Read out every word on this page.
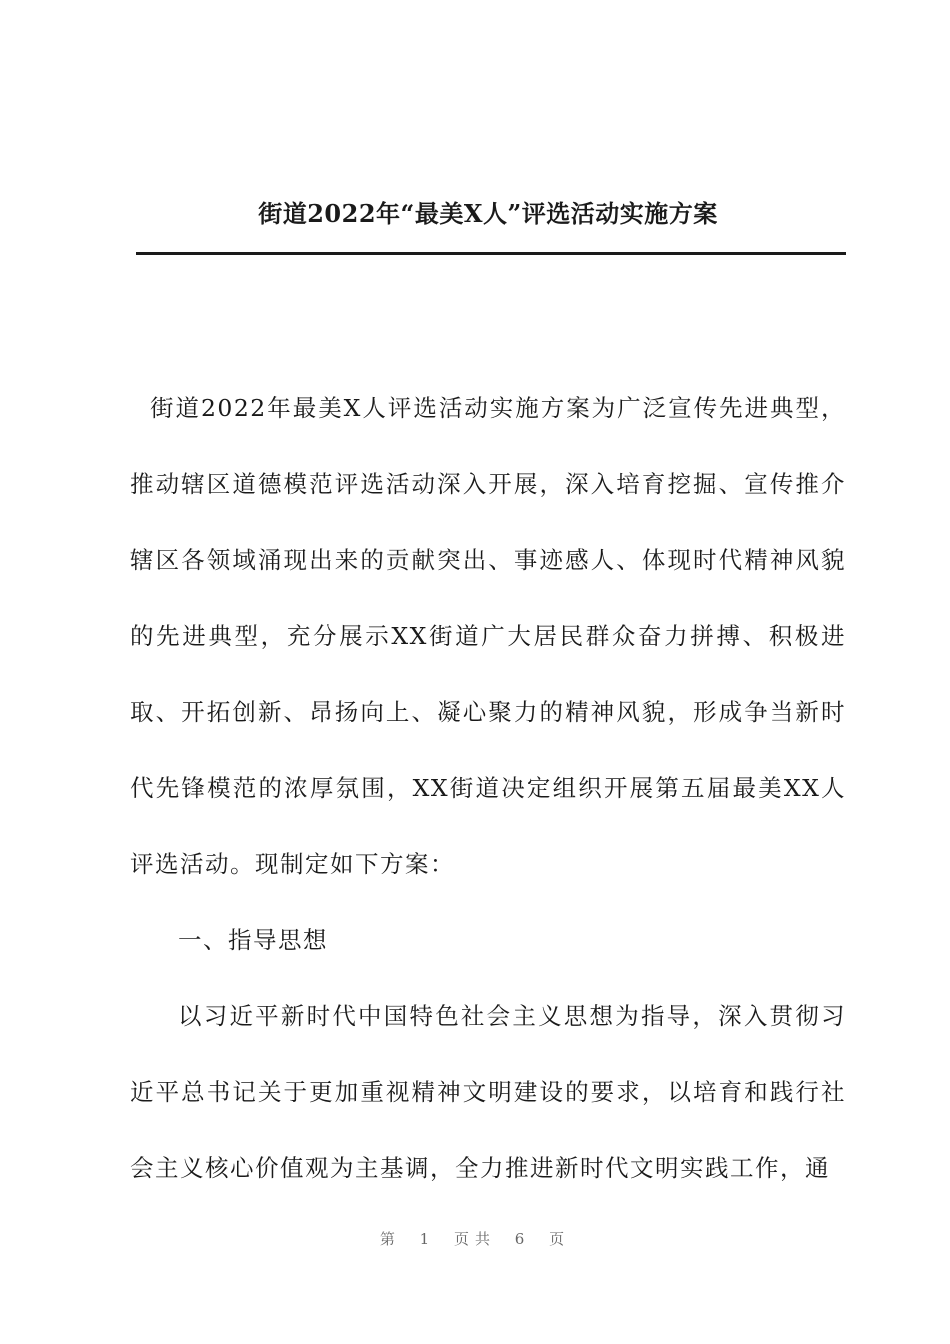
街道2022年“最美X人”评选活动实施方案

街道2022年最美X人评选活动实施方案为广泛宣传先进典型，推动辖区道德模范评选活动深入开展，深入培育挖掘、宣传推介辖区各领域涌现出来的贡献突出、事迹感人、体现时代精神风貌的先进典型，充分展示XX街道广大居民群众奋力拼搏、积极进取、开拓创新、昂扬向上、凝心聚力的精神风貌，形成争当新时代先锋模范的浓厚氛围，XX街道决定组织开展第五届最美XX人评选活动。现制定如下方案：

一、指导思想

以习近平新时代中国特色社会主义思想为指导，深入贯彻习近平总书记关于更加重视精神文明建设的要求，以培育和践行社会主义核心价值观为主基调，全力推进新时代文明实践工作，通

第 1 页共 6 页
